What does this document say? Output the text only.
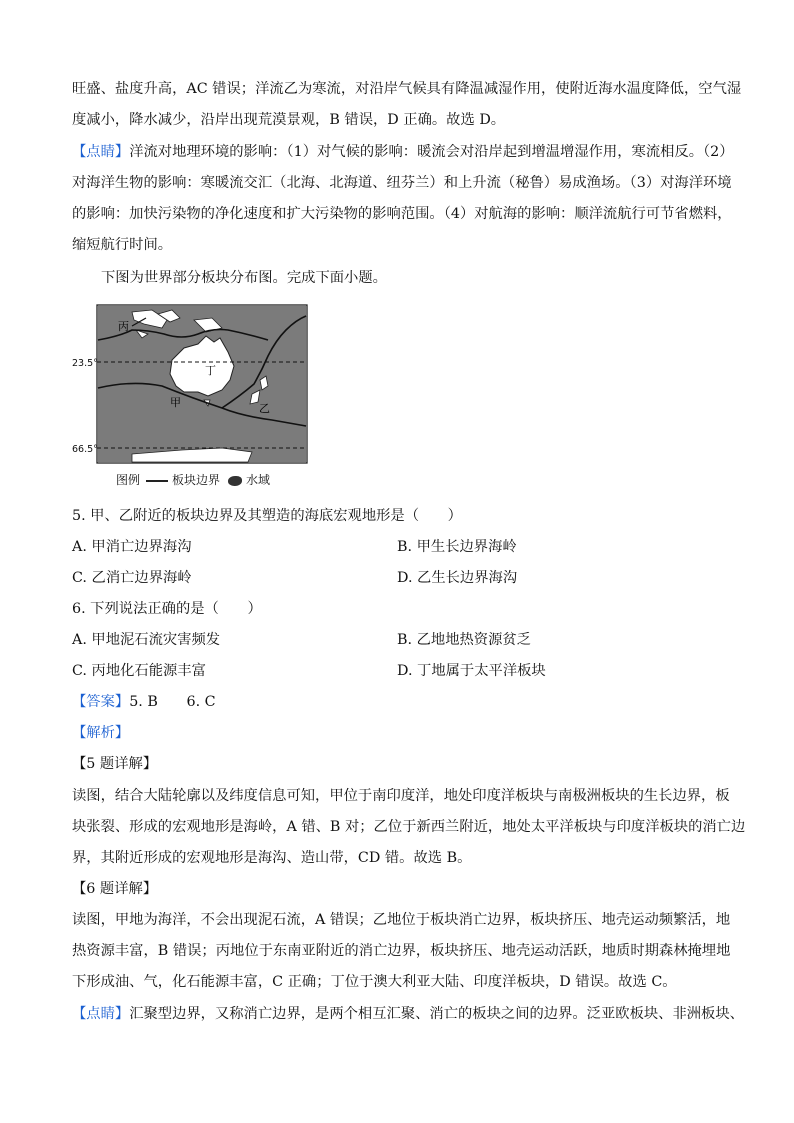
旺盛、盐度升高，AC 错误；洋流乙为寒流，对沿岸气候具有降温减湿作用，使附近海水温度降低，空气湿
度减小，降水减少，沿岸出现荒漠景观，B 错误，D 正确。故选 D。
【点睛】洋流对地理环境的影响：（1）对气候的影响：暖流会对沿岸起到增温增湿作用，寒流相反。（2）
对海洋生物的影响：寒暖流交汇（北海、北海道、纽芬兰）和上升流（秘鲁）易成渔场。（3）对海洋环境
的影响：加快污染物的净化速度和扩大污染物的影响范围。（4）对航海的影响：顺洋流航行可节省燃料，
缩短航行时间。
下图为世界部分板块分布图。完成下面小题。
丙
丁
甲	乙
23.5°
66.5°
图例	板块边界 水域
5. 甲、乙附近的板块边界及其塑造的海底宏观地形是（　　）
A. 甲消亡边界海沟	B. 甲生长边界海岭
C. 乙消亡边界海岭	D. 乙生长边界海沟
6. 下列说法正确的是（　　）
A. 甲地泥石流灾害频发	B. 乙地地热资源贫乏
C. 丙地化石能源丰富	D. 丁地属于太平洋板块
【答案】5. B　　6. C
【解析】
【5 题详解】
读图，结合大陆轮廓以及纬度信息可知，甲位于南印度洋，地处印度洋板块与南极洲板块的生长边界，板
块张裂、形成的宏观地形是海岭，A 错、B 对；乙位于新西兰附近，地处太平洋板块与印度洋板块的消亡边
界，其附近形成的宏观地形是海沟、造山带，CD 错。故选 B。
【6 题详解】
读图，甲地为海洋，不会出现泥石流，A 错误；乙地位于板块消亡边界，板块挤压、地壳运动频繁活，地
热资源丰富，B 错误；丙地位于东南亚附近的消亡边界，板块挤压、地壳运动活跃，地质时期森林掩埋地
下形成油、气，化石能源丰富，C 正确；丁位于澳大利亚大陆、印度洋板块，D 错误。故选 C。
【点睛】汇聚型边界，又称消亡边界，是两个相互汇聚、消亡的板块之间的边界。泛亚欧板块、非洲板块、
